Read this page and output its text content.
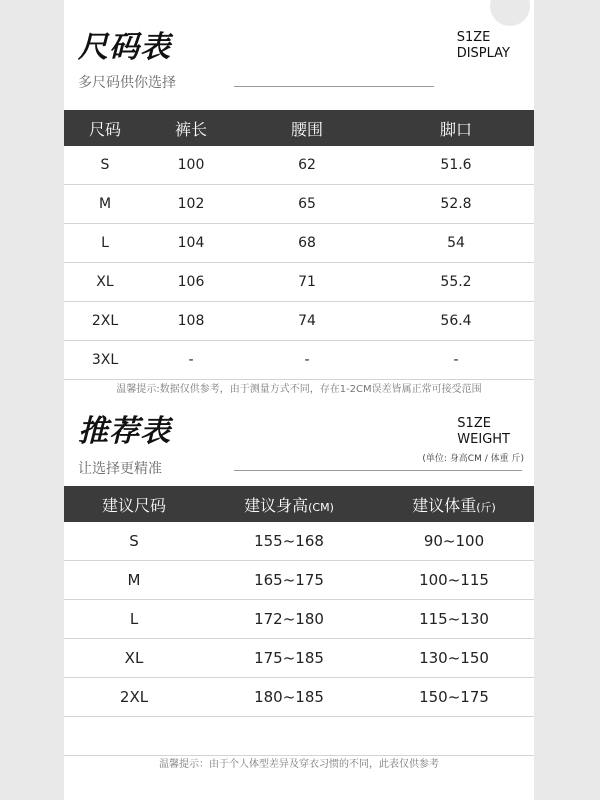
尺码表
多尺码供你选择
S1ZE
DISPLAY
尺码	裤长	腰围	脚口
S	100	62	51.6
M	102	65	52.8
L	104	68	54
XL	106	71	55.2
2XL	108	74	56.4
3XL	-	-	-
温馨提示:数据仅供参考，由于测量方式不同，存在1-2CM误差皆属正常可接受范围
推荐表
让选择更精准
S1ZE
WEIGHT
(单位: 身高CM / 体重 斤)
建议尺码	建议身高(CM)	建议体重(斤)
S	155~168	90~100
M	165~175	100~115
L	172~180	115~130
XL	175~185	130~150
2XL	180~185	150~175

温馨提示：由于个人体型差异及穿衣习惯的不同，此表仅供参考
